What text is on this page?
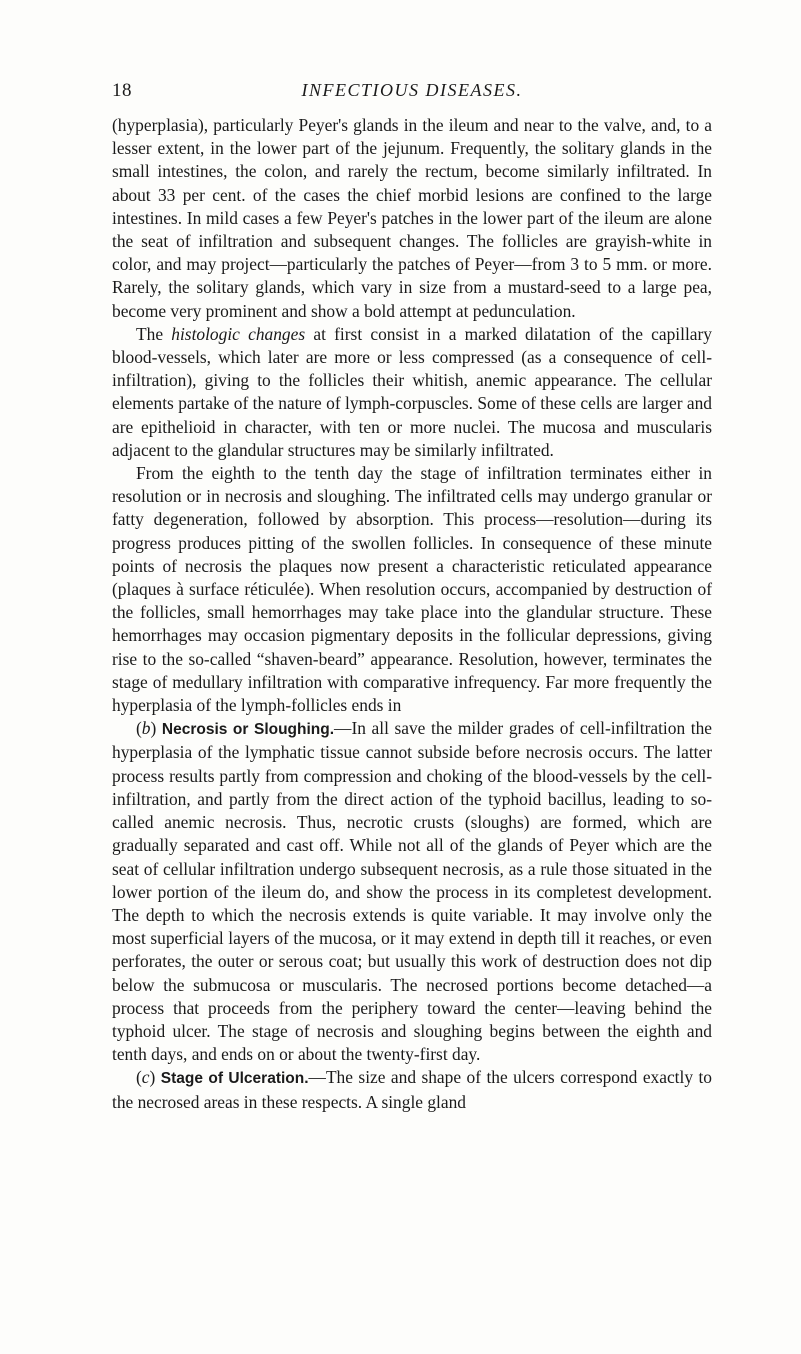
18	INFECTIOUS DISEASES.

(hyperplasia), particularly Peyer's glands in the ileum and near to the valve, and, to a lesser extent, in the lower part of the jejunum. Frequently, the solitary glands in the small intestines, the colon, and rarely the rectum, become similarly infiltrated. In about 33 per cent. of the cases the chief morbid lesions are confined to the large intestines. In mild cases a few Peyer's patches in the lower part of the ileum are alone the seat of infiltration and subsequent changes. The follicles are grayish-white in color, and may project—particularly the patches of Peyer—from 3 to 5 mm. or more. Rarely, the solitary glands, which vary in size from a mustard-seed to a large pea, become very prominent and show a bold attempt at pedunculation.

The histologic changes at first consist in a marked dilatation of the capillary blood-vessels, which later are more or less compressed (as a consequence of cell-infiltration), giving to the follicles their whitish, anemic appearance. The cellular elements partake of the nature of lymph-corpuscles. Some of these cells are larger and are epithelioid in character, with ten or more nuclei. The mucosa and muscularis adjacent to the glandular structures may be similarly infiltrated.

From the eighth to the tenth day the stage of infiltration terminates either in resolution or in necrosis and sloughing. The infiltrated cells may undergo granular or fatty degeneration, followed by absorption. This process—resolution—during its progress produces pitting of the swollen follicles. In consequence of these minute points of necrosis the plaques now present a characteristic reticulated appearance (plaques à surface réticulée). When resolution occurs, accompanied by destruction of the follicles, small hemorrhages may take place into the glandular structure. These hemorrhages may occasion pigmentary deposits in the follicular depressions, giving rise to the so-called “shaven-beard” appearance. Resolution, however, terminates the stage of medullary infiltration with comparative infrequency. Far more frequently the hyperplasia of the lymph-follicles ends in

(b) Necrosis or Sloughing.—In all save the milder grades of cell-infiltration the hyperplasia of the lymphatic tissue cannot subside before necrosis occurs. The latter process results partly from compression and choking of the blood-vessels by the cell-infiltration, and partly from the direct action of the typhoid bacillus, leading to so-called anemic necrosis. Thus, necrotic crusts (sloughs) are formed, which are gradually separated and cast off. While not all of the glands of Peyer which are the seat of cellular infiltration undergo subsequent necrosis, as a rule those situated in the lower portion of the ileum do, and show the process in its completest development. The depth to which the necrosis extends is quite variable. It may involve only the most superficial layers of the mucosa, or it may extend in depth till it reaches, or even perforates, the outer or serous coat; but usually this work of destruction does not dip below the submucosa or muscularis. The necrosed portions become detached—a process that proceeds from the periphery toward the center—leaving behind the typhoid ulcer. The stage of necrosis and sloughing begins between the eighth and tenth days, and ends on or about the twenty-first day.

(c) Stage of Ulceration.—The size and shape of the ulcers correspond exactly to the necrosed areas in these respects. A single gland
